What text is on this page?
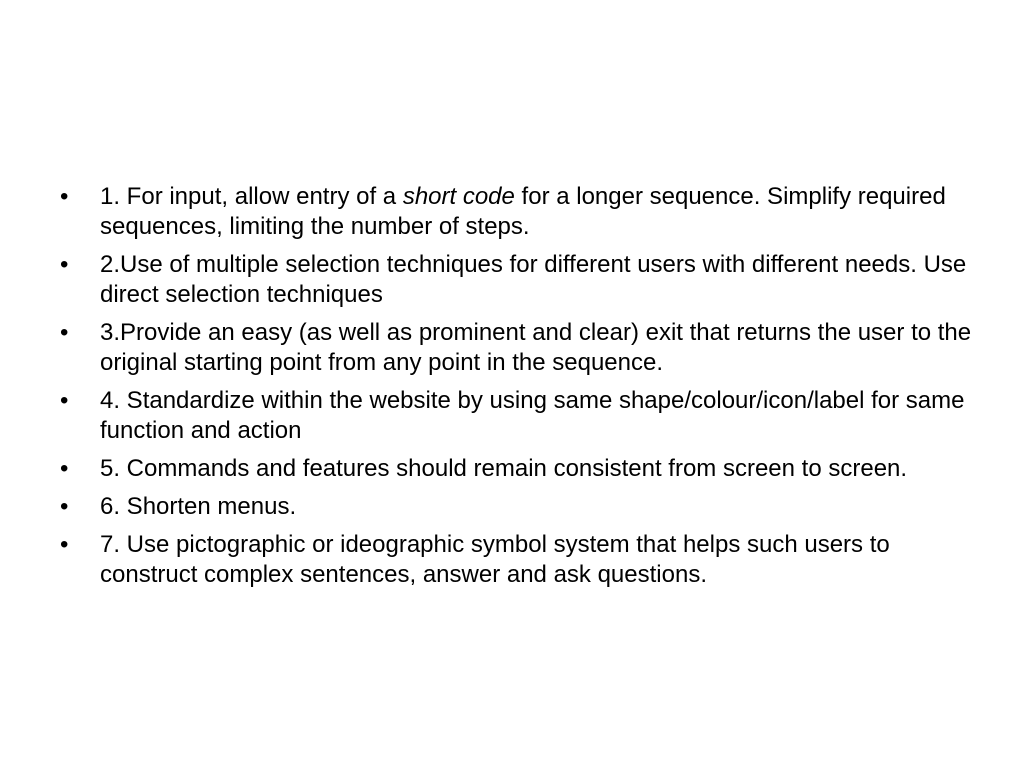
•	1. For input, allow entry of a short code for a longer sequence. Simplify required sequences, limiting the number of steps.
•	2.Use of multiple selection techniques for different users with different needs. Use direct selection techniques
•	3.Provide an easy (as well as prominent and clear) exit that returns the user to the original starting point from any point in the sequence.
•	4. Standardize within the website by using same shape/colour/icon/label for same function and action
•	5. Commands and features should remain consistent from screen to screen.
•	6. Shorten menus.
•	7. Use pictographic or ideographic symbol system that helps such users to construct complex sentences, answer and ask questions.
